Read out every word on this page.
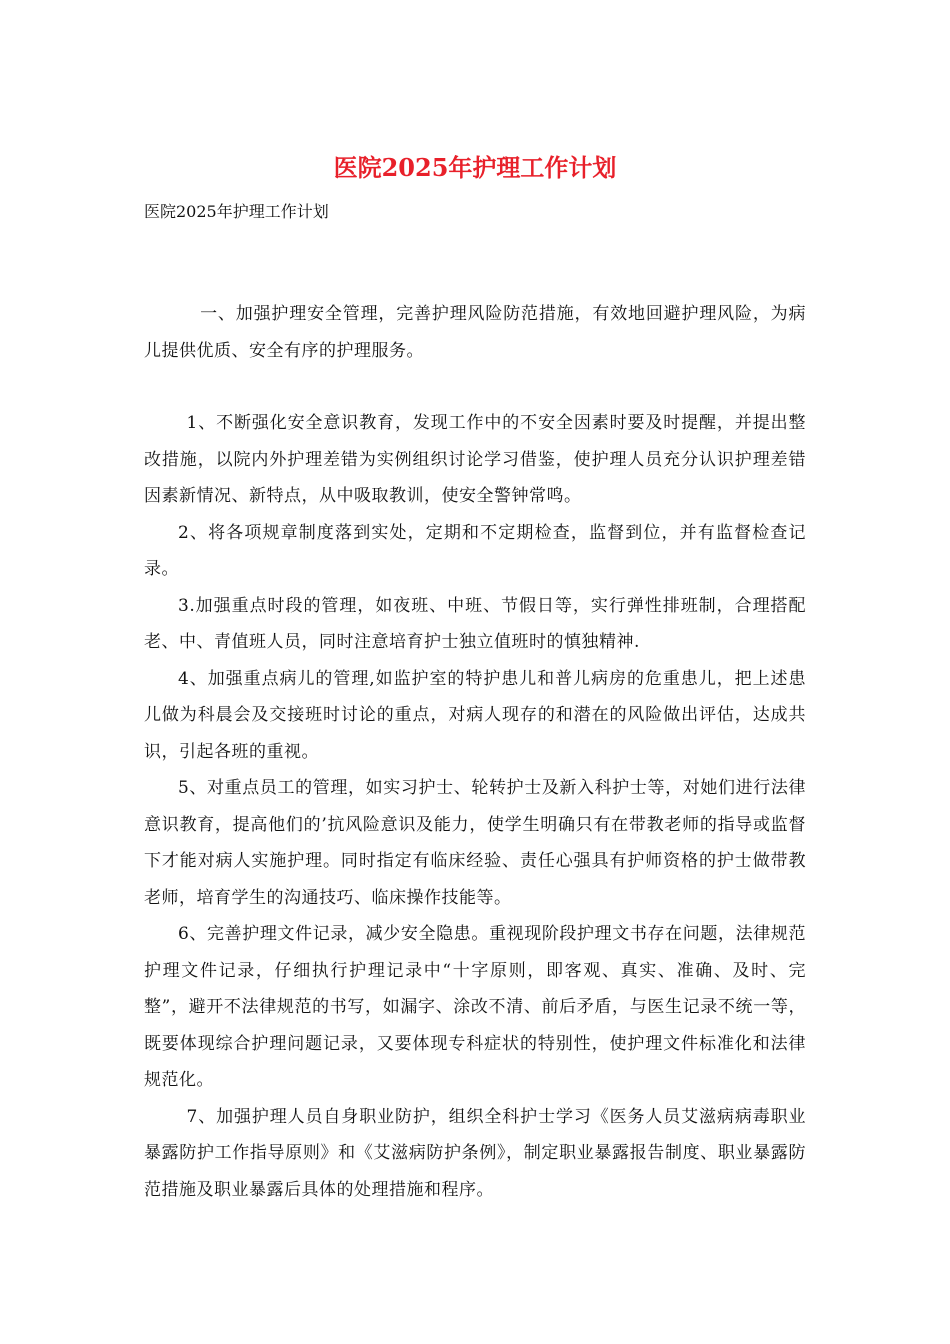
医院2025年护理工作计划
医院2025年护理工作计划

一、加强护理安全管理，完善护理风险防范措施，有效地回避护理风险，为病儿提供优质、安全有序的护理服务。

1、不断强化安全意识教育，发现工作中的不安全因素时要及时提醒，并提出整改措施，以院内外护理差错为实例组织讨论学习借鉴，使护理人员充分认识护理差错因素新情况、新特点，从中吸取教训，使安全警钟常鸣。

2、将各项规章制度落到实处，定期和不定期检查，监督到位，并有监督检查记录。

3.加强重点时段的管理，如夜班、中班、节假日等，实行弹性排班制，合理搭配老、中、青值班人员，同时注意培育护士独立值班时的慎独精神.

4、加强重点病儿的管理,如监护室的特护患儿和普儿病房的危重患儿，把上述患儿做为科晨会及交接班时讨论的重点，对病人现存的和潜在的风险做出评估，达成共识，引起各班的重视。

5、对重点员工的管理，如实习护士、轮转护士及新入科护士等，对她们进行法律意识教育，提高他们的’抗风险意识及能力，使学生明确只有在带教老师的指导或监督下才能对病人实施护理。同时指定有临床经验、责任心强具有护师资格的护士做带教老师，培育学生的沟通技巧、临床操作技能等。

6、完善护理文件记录，减少安全隐患。重视现阶段护理文书存在问题，法律规范护理文件记录，仔细执行护理记录中“十字原则，即客观、真实、准确、及时、完整”，避开不法律规范的书写，如漏字、涂改不清、前后矛盾，与医生记录不统一等，既要体现综合护理问题记录，又要体现专科症状的特别性，使护理文件标准化和法律规范化。

7、加强护理人员自身职业防护，组织全科护士学习《医务人员艾滋病病毒职业暴露防护工作指导原则》和《艾滋病防护条例》，制定职业暴露报告制度、职业暴露防范措施及职业暴露后具体的处理措施和程序。
